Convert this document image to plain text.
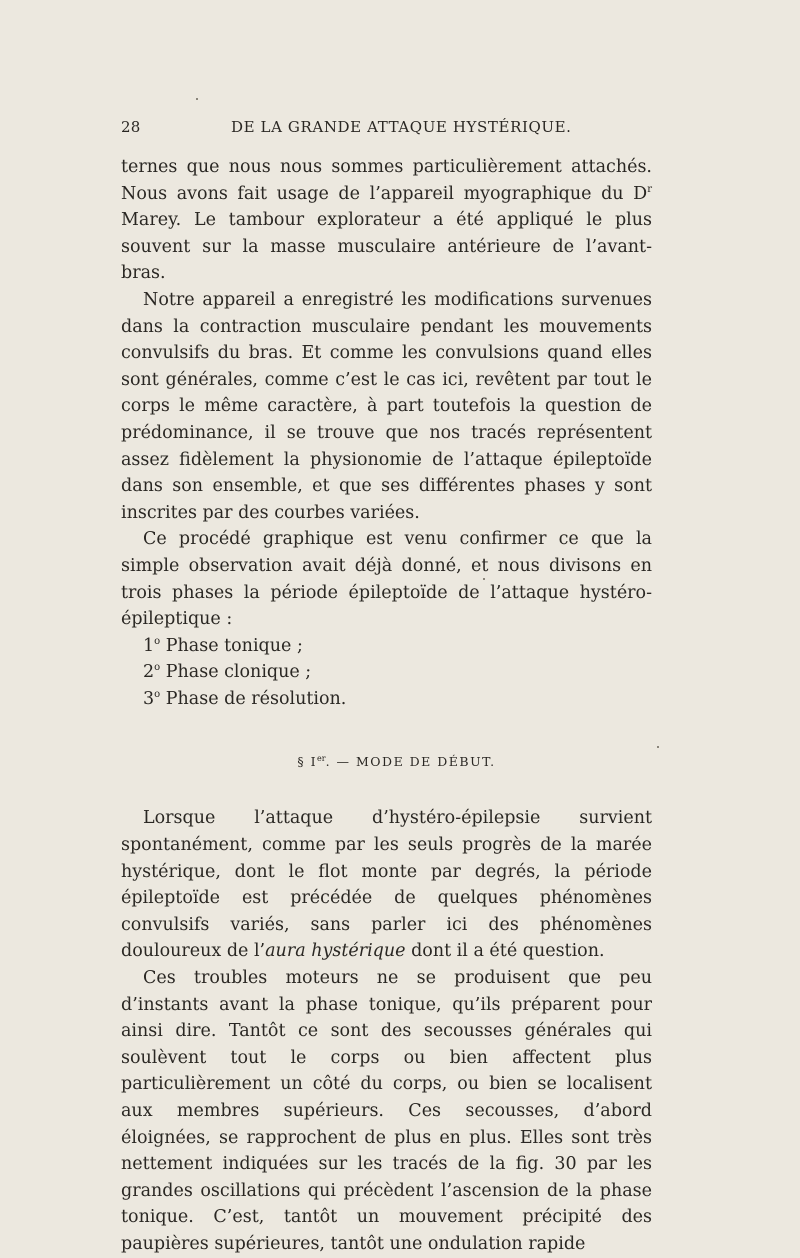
28	DE LA GRANDE ATTAQUE HYSTÉRIQUE.

ternes que nous nous sommes particulièrement attachés. Nous avons fait usage de l’appareil myographique du $D^r$ Marey. Le tambour explorateur a été appliqué le plus souvent sur la masse musculaire antérieure de l’avant-bras.

Notre appareil a enregistré les modifications survenues dans la contraction musculaire pendant les mouvements convulsifs du bras. Et comme les convulsions quand elles sont générales, comme c’est le cas ici, revêtent par tout le corps le même caractère, à part toutefois la question de prédominance, il se trouve que nos tracés représentent assez fidèlement la physionomie de l’attaque épileptoïde dans son ensemble, et que ses différentes phases y sont inscrites par des courbes variées.

Ce procédé graphique est venu confirmer ce que la simple observation avait déjà donné, et nous divisons en trois phases la période épileptoïde de l’attaque hystéro-épileptique :

1$^o$ Phase tonique ;
2$^o$ Phase clonique ;
3$^o$ Phase de résolution.
§ Ier. — MODE DE DÉBUT.

Lorsque l’attaque d’hystéro-épilepsie survient spontanément, comme par les seuls progrès de la marée hystérique, dont le flot monte par degrés, la période épileptoïde est précédée de quelques phénomènes convulsifs variés, sans parler ici des phénomènes douloureux de l’aura hystérique dont il a été question.

Ces troubles moteurs ne se produisent que peu d’instants avant la phase tonique, qu’ils préparent pour ainsi dire. Tantôt ce sont des secousses générales qui soulèvent tout le corps ou bien affectent plus particulièrement un côté du corps, ou bien se localisent aux membres supérieurs. Ces secousses, d’abord éloignées, se rapprochent de plus en plus. Elles sont très nettement indiquées sur les tracés de la fig. 30 par les grandes oscillations qui précèdent l’ascension de la phase tonique. C’est, tantôt un mouvement précipité des paupières supérieures, tantôt une ondulation rapide
